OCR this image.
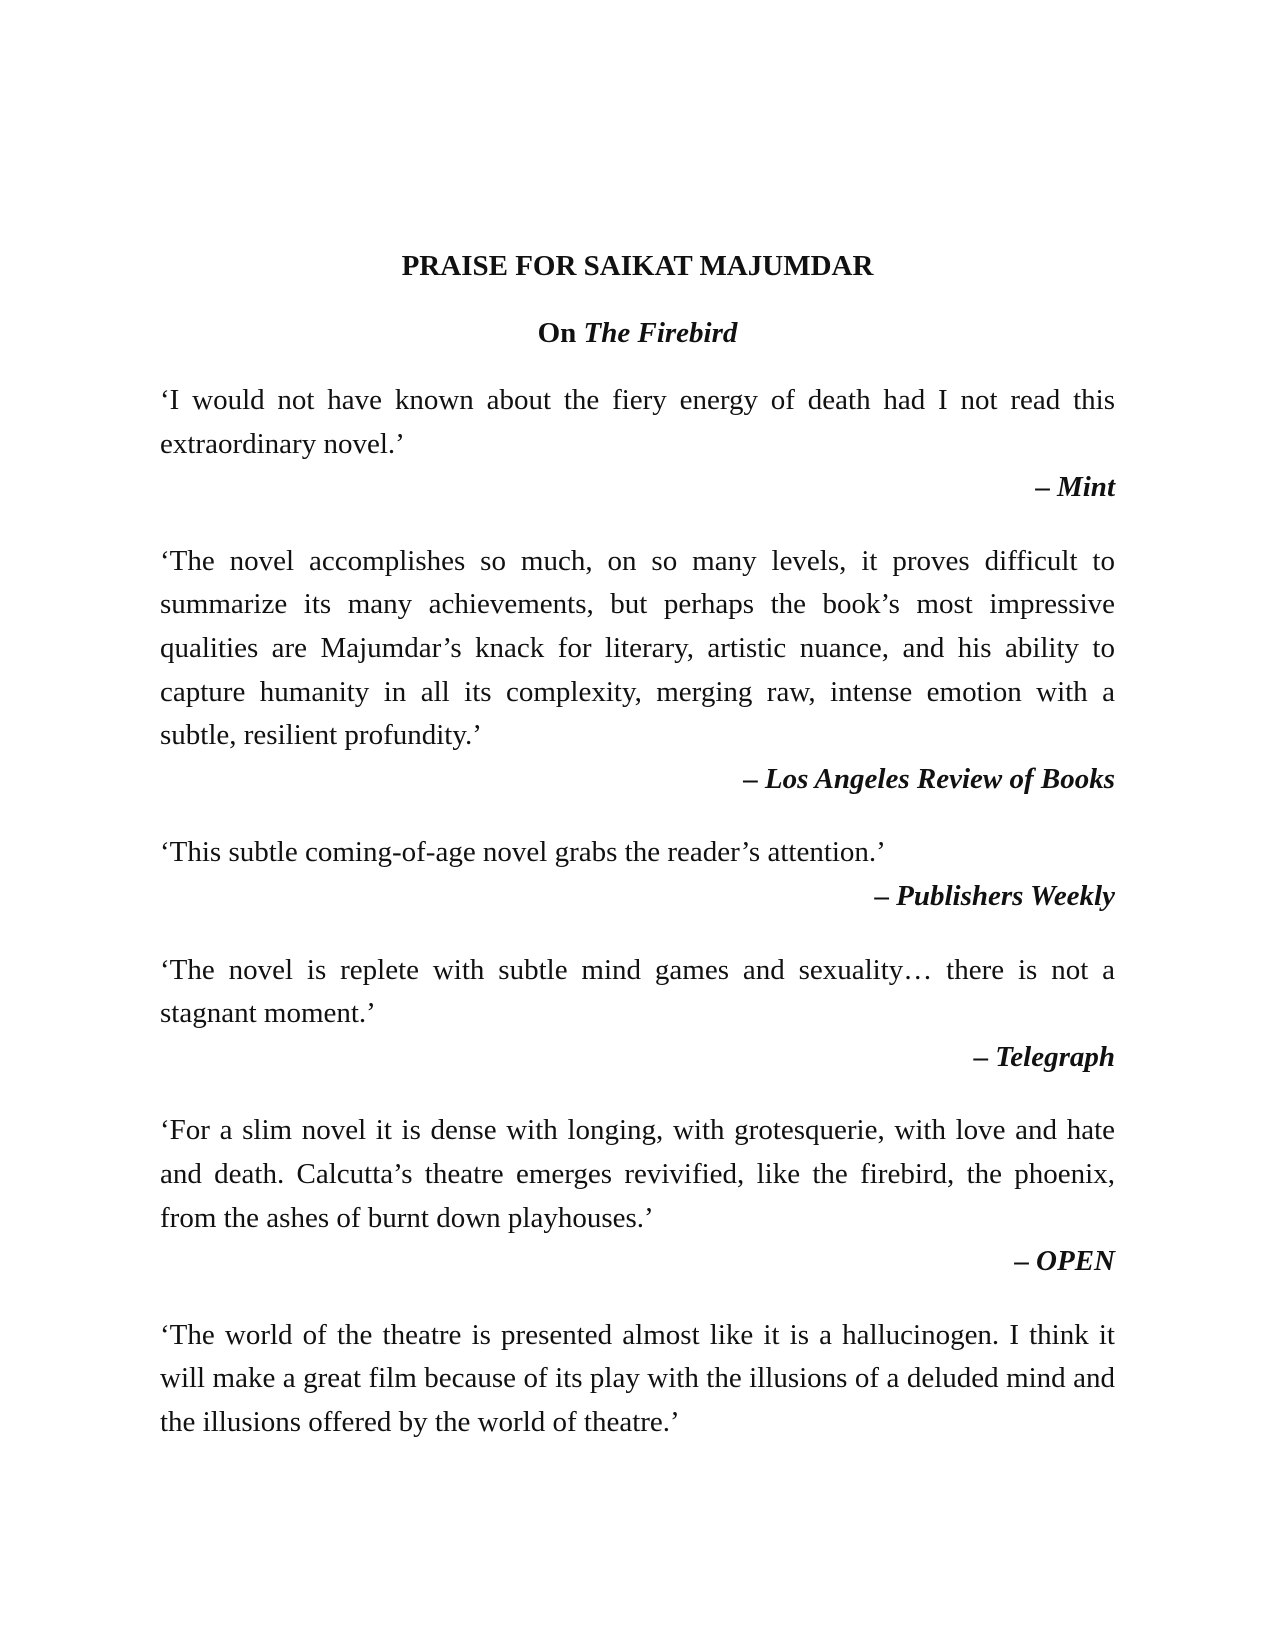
PRAISE FOR SAIKAT MAJUMDAR
On The Firebird

‘I would not have known about the fiery energy of death had I not read this extraordinary novel.’

– Mint

‘The novel accomplishes so much, on so many levels, it proves difficult to summarize its many achievements, but perhaps the book’s most impressive qualities are Majumdar’s knack for literary, artistic nuance, and his ability to capture humanity in all its complexity, merging raw, intense emotion with a subtle, resilient profundity.’

– Los Angeles Review of Books

‘This subtle coming-of-age novel grabs the reader’s attention.’

– Publishers Weekly

‘The novel is replete with subtle mind games and sexuality… there is not a stagnant moment.’

– Telegraph

‘For a slim novel it is dense with longing, with grotesquerie, with love and hate and death. Calcutta’s theatre emerges revivified, like the firebird, the phoenix, from the ashes of burnt down playhouses.’

– OPEN

‘The world of the theatre is presented almost like it is a hallucinogen. I think it will make a great film because of its play with the illusions of a deluded mind and the illusions offered by the world of theatre.’
